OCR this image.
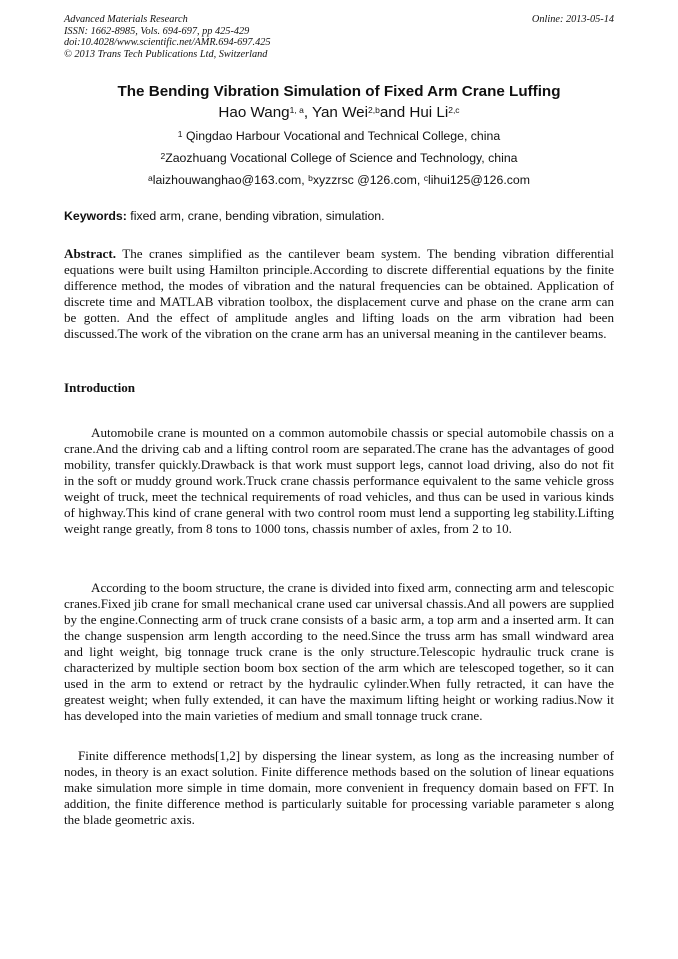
Advanced Materials Research
ISSN: 1662-8985, Vols. 694-697, pp 425-429
doi:10.4028/www.scientific.net/AMR.694-697.425
© 2013 Trans Tech Publications Ltd, Switzerland
Online: 2013-05-14
The Bending Vibration Simulation of Fixed Arm Crane Luffing
Hao Wang$^{1, a}$, Yan Wei$^{2,b}$and Hui Li$^{2,c}$
$^1$ Qingdao Harbour Vocational and Technical College, china
$^2$Zaozhuang Vocational College of Science and Technology, china
$^a$laizhouwanghao@163.com, $^b$xyzzrsc @126.com, $^c$lihui125@126.com
Keywords: fixed arm, crane, bending vibration, simulation.

Abstract. The cranes simplified as the cantilever beam system. The bending vibration differential equations were built using Hamilton principle.According to discrete differential equations by the finite difference method, the modes of vibration and the natural frequencies can be obtained. Application of discrete time and MATLAB vibration toolbox, the displacement curve and phase on the crane arm can be gotten. And the effect of amplitude angles and lifting loads on the arm vibration had been discussed.The work of the vibration on the crane arm has an universal meaning in the cantilever beams.

Introduction

Automobile crane is mounted on a common automobile chassis or special automobile chassis on a crane.And the driving cab and a lifting control room are separated.The crane has the advantages of good mobility, transfer quickly.Drawback is that work must support legs, cannot load driving, also do not fit in the soft or muddy ground work.Truck crane chassis performance equivalent to the same vehicle gross weight of truck, meet the technical requirements of road vehicles, and thus can be used in various kinds of highway.This kind of crane general with two control room must lend a supporting leg stability.Lifting weight range greatly, from 8 tons to 1000 tons, chassis number of axles, from 2 to 10.

According to the boom structure, the crane is divided into fixed arm, connecting arm and telescopic cranes.Fixed jib crane for small mechanical crane used car universal chassis.And all powers are supplied by the engine.Connecting arm of truck crane consists of a basic arm, a top arm and a inserted arm. It can the change suspension arm length according to the need.Since the truss arm has small windward area and light weight, big tonnage truck crane is the only structure.Telescopic hydraulic truck crane is characterized by multiple section boom box section of the arm which are telescoped together, so it can used in the arm to extend or retract by the hydraulic cylinder.When fully retracted, it can have the greatest weight; when fully extended, it can have the maximum lifting height or working radius.Now it has developed into the main varieties of medium and small tonnage truck crane.

Finite difference methods[1,2] by dispersing the linear system, as long as the increasing number of nodes, in theory is an exact solution. Finite difference methods based on the solution of linear equations make simulation more simple in time domain, more convenient in frequency domain based on FFT. In addition, the finite difference method is particularly suitable for processing variable parameter s along the blade geometric axis.
